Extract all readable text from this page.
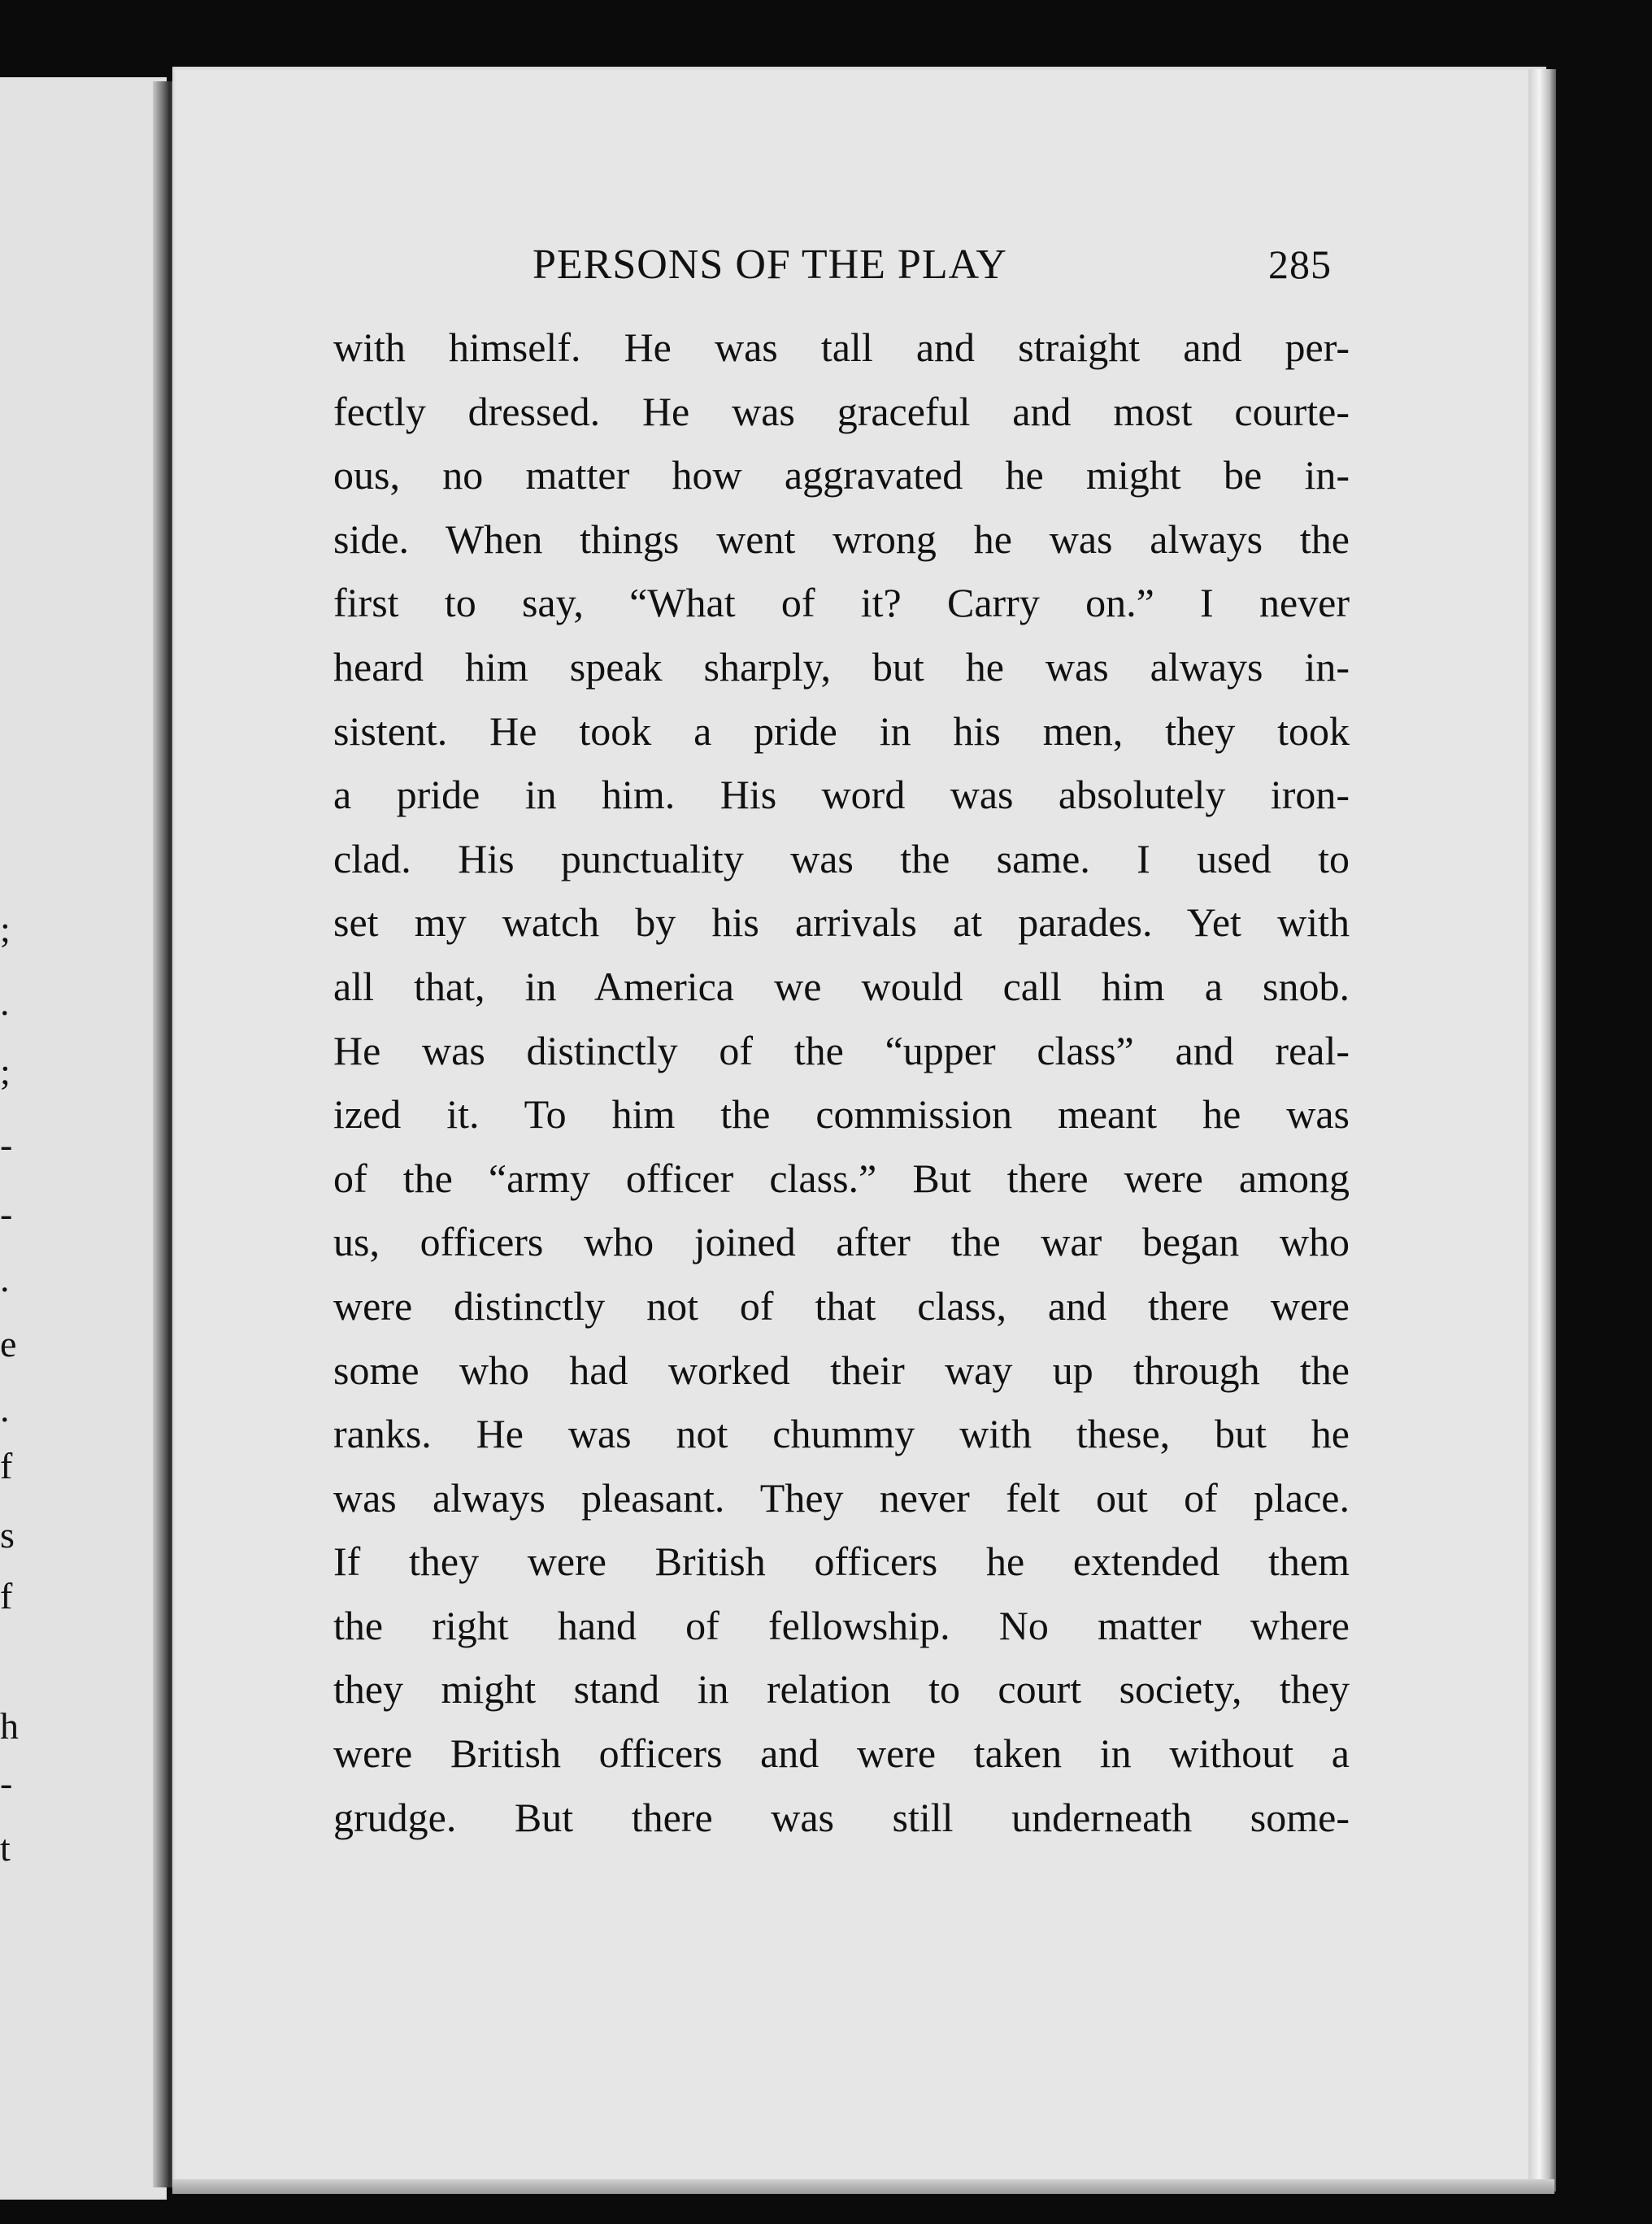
;
.
;
-
-
.
e
.
f
s
f
h
-
t
PERSONS OF THE PLAY	285
with himself. He was tall and straight and per-
fectly dressed. He was graceful and most courte-
ous, no matter how aggravated he might be in-
side. When things went wrong he was always the
first to say, “What of it? Carry on.” I never
heard him speak sharply, but he was always in-
sistent. He took a pride in his men, they took
a pride in him. His word was absolutely iron-
clad. His punctuality was the same. I used to
set my watch by his arrivals at parades. Yet with
all that, in America we would call him a snob.
He was distinctly of the “upper class” and real-
ized it. To him the commission meant he was
of the “army officer class.” But there were among
us, officers who joined after the war began who
were distinctly not of that class, and there were
some who had worked their way up through the
ranks. He was not chummy with these, but he
was always pleasant. They never felt out of place.
If they were British officers he extended them
the right hand of fellowship. No matter where
they might stand in relation to court society, they
were British officers and were taken in without a
grudge. But there was still underneath some-
